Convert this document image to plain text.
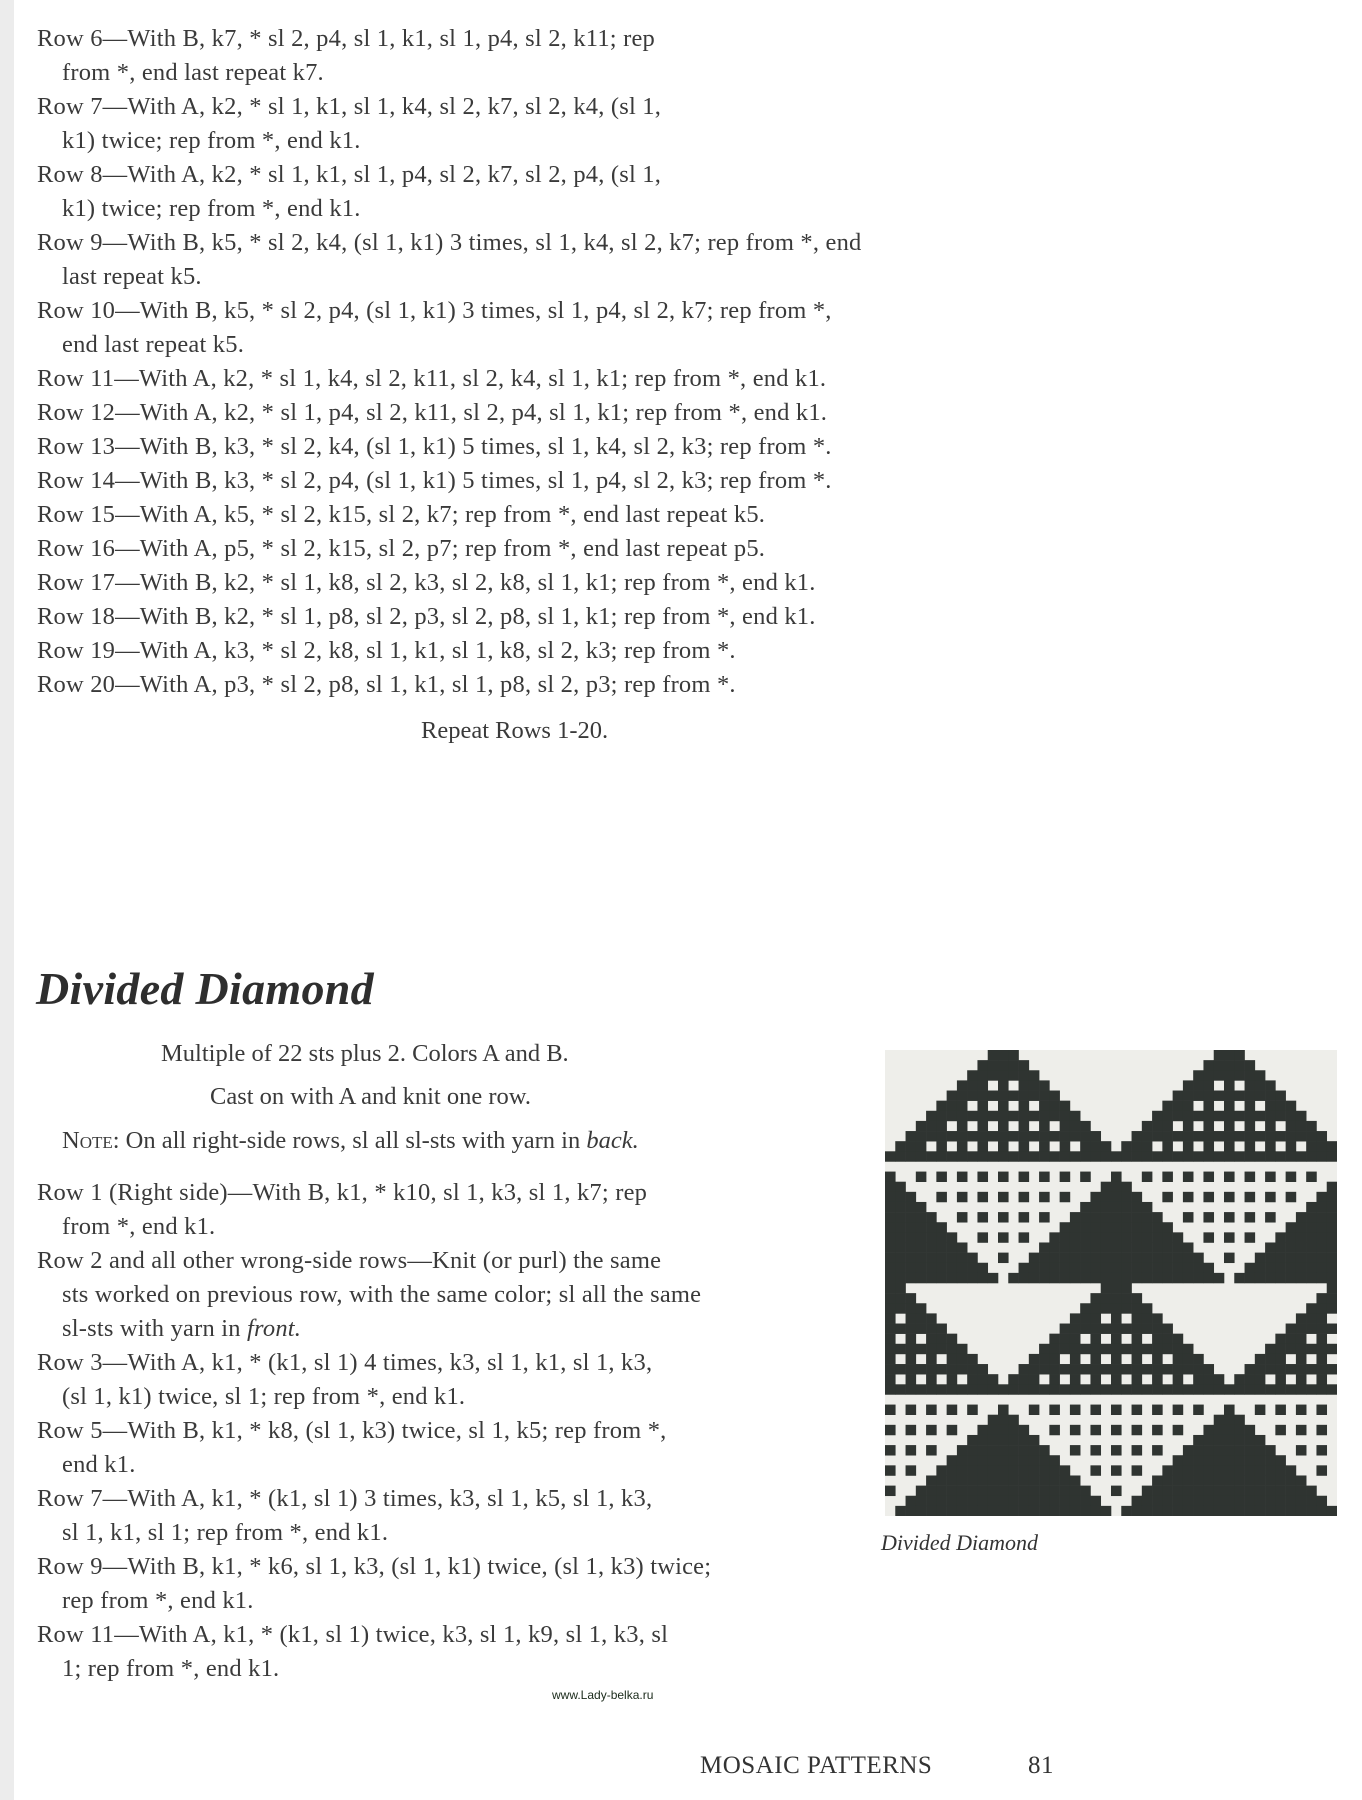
Row 6—With B, k7, * sl 2, p4, sl 1, k1, sl 1, p4, sl 2, k11; rep
from *, end last repeat k7.
Row 7—With A, k2, * sl 1, k1, sl 1, k4, sl 2, k7, sl 2, k4, (sl 1,
k1) twice; rep from *, end k1.
Row 8—With A, k2, * sl 1, k1, sl 1, p4, sl 2, k7, sl 2, p4, (sl 1,
k1) twice; rep from *, end k1.
Row 9—With B, k5, * sl 2, k4, (sl 1, k1) 3 times, sl 1, k4, sl 2, k7; rep from *, end
last repeat k5.
Row 10—With B, k5, * sl 2, p4, (sl 1, k1) 3 times, sl 1, p4, sl 2, k7; rep from *,
end last repeat k5.
Row 11—With A, k2, * sl 1, k4, sl 2, k11, sl 2, k4, sl 1, k1; rep from *, end k1.
Row 12—With A, k2, * sl 1, p4, sl 2, k11, sl 2, p4, sl 1, k1; rep from *, end k1.
Row 13—With B, k3, * sl 2, k4, (sl 1, k1) 5 times, sl 1, k4, sl 2, k3; rep from *.
Row 14—With B, k3, * sl 2, p4, (sl 1, k1) 5 times, sl 1, p4, sl 2, k3; rep from *.
Row 15—With A, k5, * sl 2, k15, sl 2, k7; rep from *, end last repeat k5.
Row 16—With A, p5, * sl 2, k15, sl 2, p7; rep from *, end last repeat p5.
Row 17—With B, k2, * sl 1, k8, sl 2, k3, sl 2, k8, sl 1, k1; rep from *, end k1.
Row 18—With B, k2, * sl 1, p8, sl 2, p3, sl 2, p8, sl 1, k1; rep from *, end k1.
Row 19—With A, k3, * sl 2, k8, sl 1, k1, sl 1, k8, sl 2, k3; rep from *.
Row 20—With A, p3, * sl 2, p8, sl 1, k1, sl 1, p8, sl 2, p3; rep from *.
Repeat Rows 1-20.
Divided Diamond
Multiple of 22 sts plus 2. Colors A and B.
Cast on with A and knit one row.
Note: On all right-side rows, sl all sl-sts with yarn in back.
Row 1 (Right side)—With B, k1, * k10, sl 1, k3, sl 1, k7; rep
from *, end k1.
Row 2 and all other wrong-side rows—Knit (or purl) the same
sts worked on previous row, with the same color; sl all the same
sl-sts with yarn in front.
Row 3—With A, k1, * (k1, sl 1) 4 times, k3, sl 1, k1, sl 1, k3,
(sl 1, k1) twice, sl 1; rep from *, end k1.
Row 5—With B, k1, * k8, (sl 1, k3) twice, sl 1, k5; rep from *,
end k1.
Row 7—With A, k1, * (k1, sl 1) 3 times, k3, sl 1, k5, sl 1, k3,
sl 1, k1, sl 1; rep from *, end k1.
Row 9—With B, k1, * k6, sl 1, k3, (sl 1, k1) twice, (sl 1, k3) twice;
rep from *, end k1.
Row 11—With A, k1, * (k1, sl 1) twice, k3, sl 1, k9, sl 1, k3, sl
1; rep from *, end k1.
Divided Diamond
www.Lady-belka.ru
MOSAIC PATTERNS	81
